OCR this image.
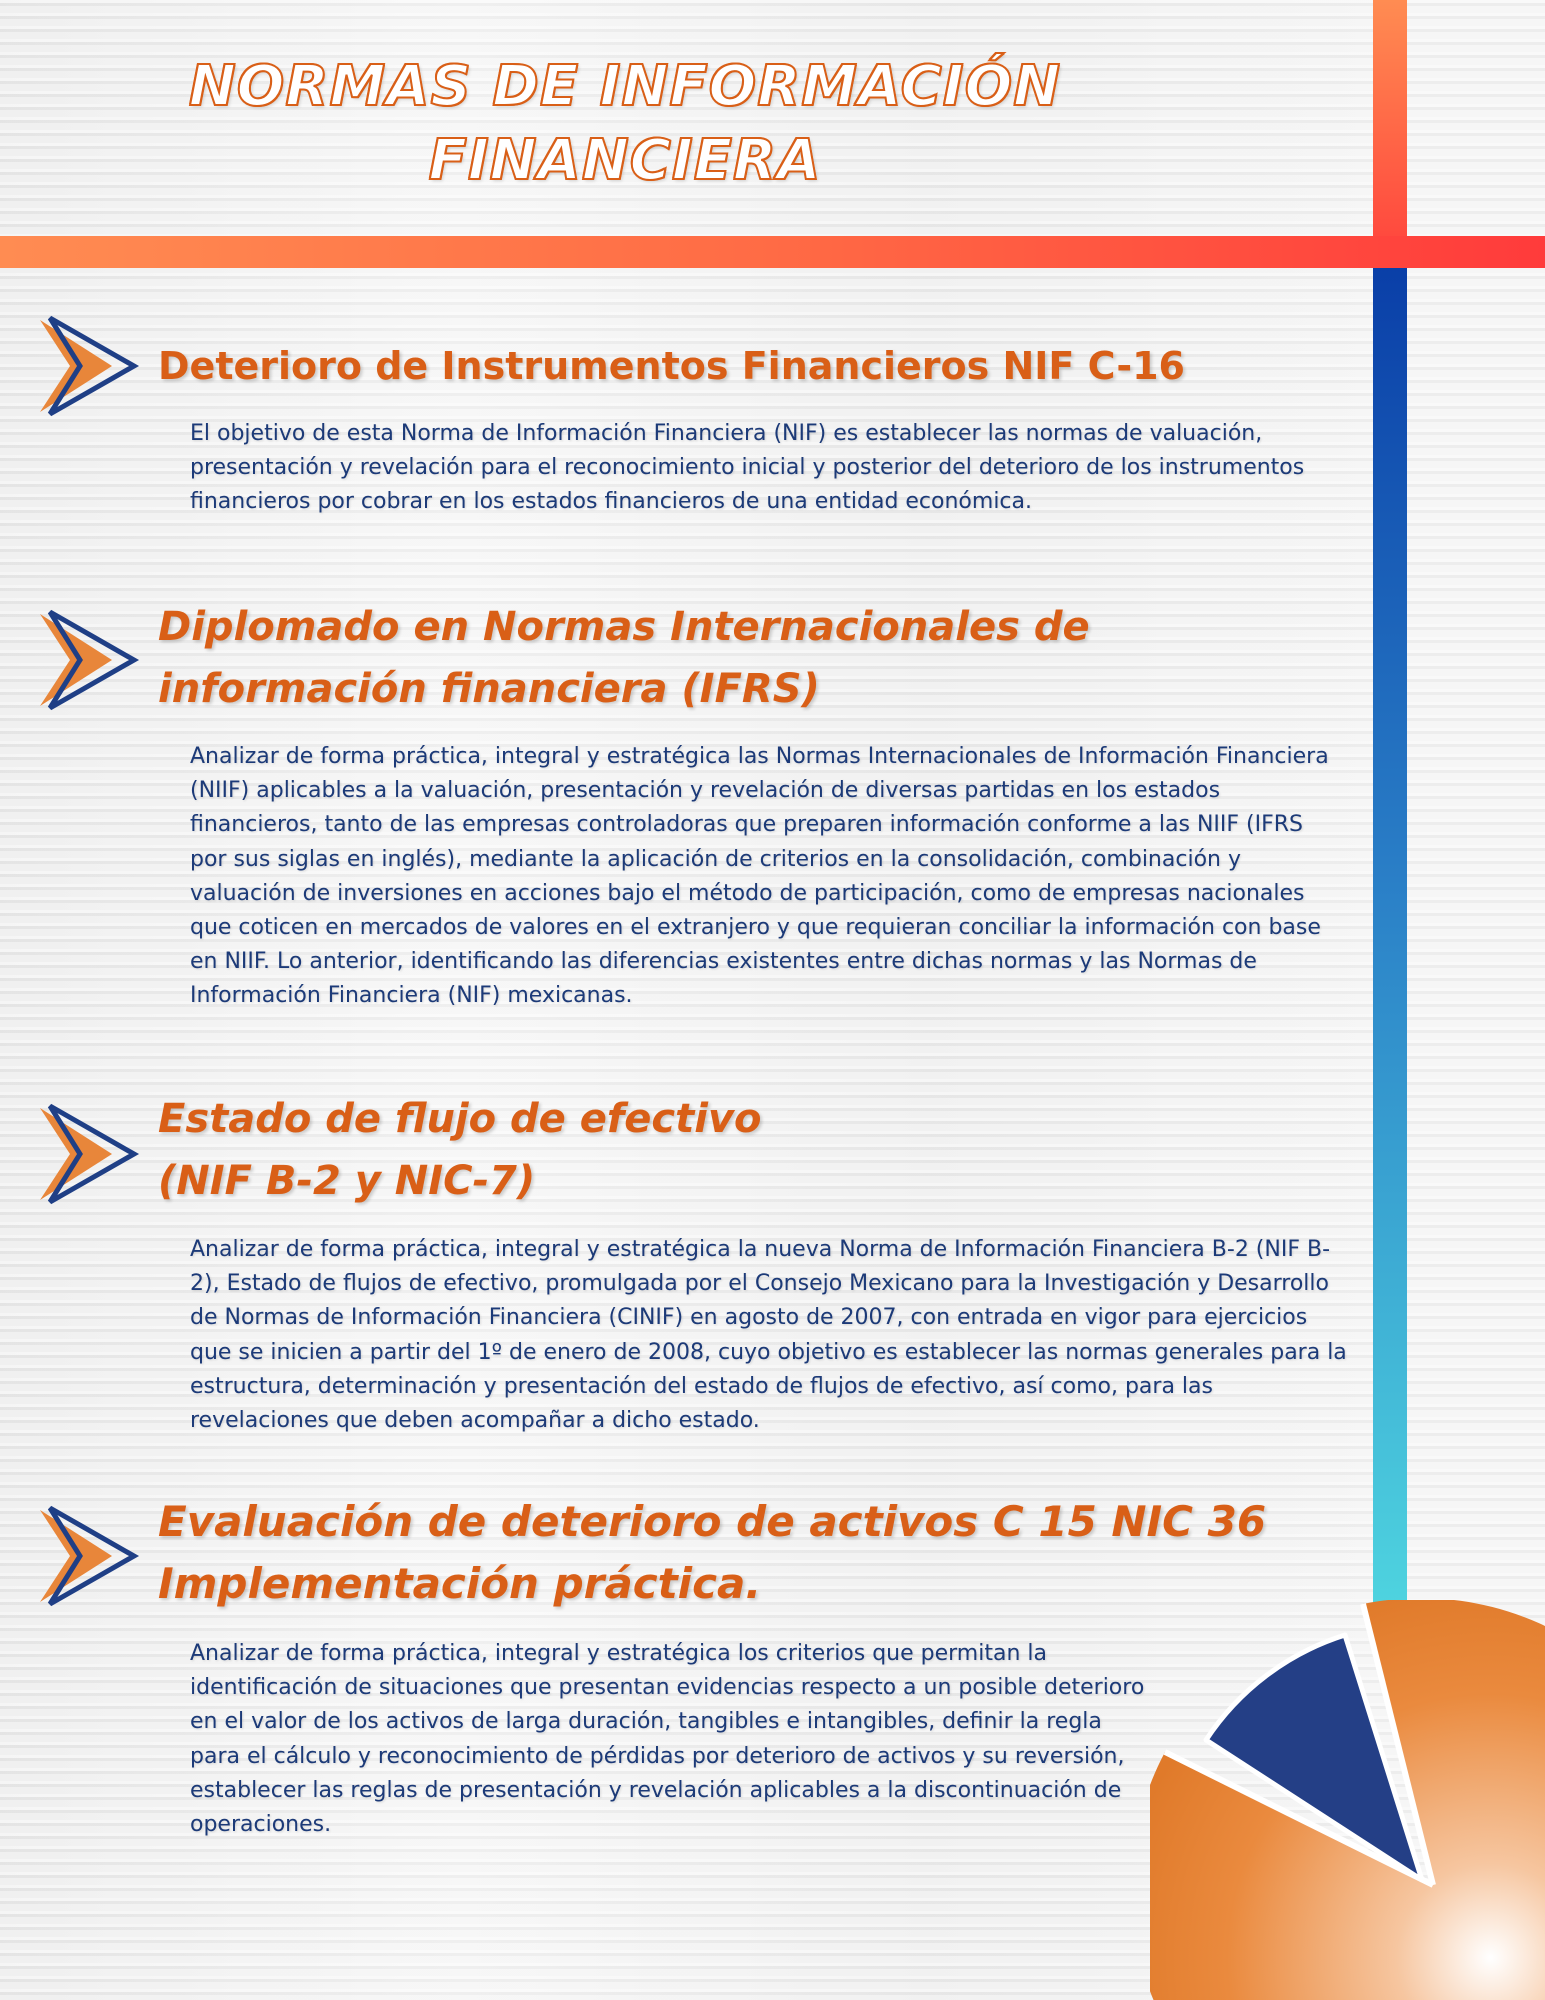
NORMAS DE INFORMACIÓN
FINANCIERA
Deterioro de Instrumentos Financieros NIF C-16

El objetivo de esta Norma de Información Financiera (NIF) es establecer las normas de valuación, presentación y revelación para el reconocimiento inicial y posterior del deterioro de los instrumentos financieros por cobrar en los estados financieros de una entidad económica.

Diplomado en Normas Internacionales de
información financiera (IFRS)

Analizar de forma práctica, integral y estratégica las Normas Internacionales de Información Financiera (NIIF) aplicables a la valuación, presentación y revelación de diversas partidas en los estados financieros, tanto de las empresas controladoras que preparen información conforme a las NIIF (IFRS por sus siglas en inglés), mediante la aplicación de criterios en la consolidación, combinación y valuación de inversiones en acciones bajo el método de participación, como de empresas nacionales que coticen en mercados de valores en el extranjero y que requieran conciliar la información con base en NIIF. Lo anterior, identificando las diferencias existentes entre dichas normas y las Normas de Información Financiera (NIF) mexicanas.

Estado de flujo de efectivo
(NIF B-2 y NIC-7)

Analizar de forma práctica, integral y estratégica la nueva Norma de Información Financiera B-2 (NIF B-2), Estado de flujos de efectivo, promulgada por el Consejo Mexicano para la Investigación y Desarrollo de Normas de Información Financiera (CINIF) en agosto de 2007, con entrada en vigor para ejercicios que se inicien a partir del 1º de enero de 2008, cuyo objetivo es establecer las normas generales para la estructura, determinación y presentación del estado de flujos de efectivo, así como, para las revelaciones que deben acompañar a dicho estado.

Evaluación de deterioro de activos C 15 NIC 36
Implementación práctica.

Analizar de forma práctica, integral y estratégica los criterios que permitan la identificación de situaciones que presentan evidencias respecto a un posible deterioro en el valor de los activos de larga duración, tangibles e intangibles, definir la regla para el cálculo y reconocimiento de pérdidas por deterioro de activos y su reversión, establecer las reglas de presentación y revelación aplicables a la discontinuación de operaciones.
